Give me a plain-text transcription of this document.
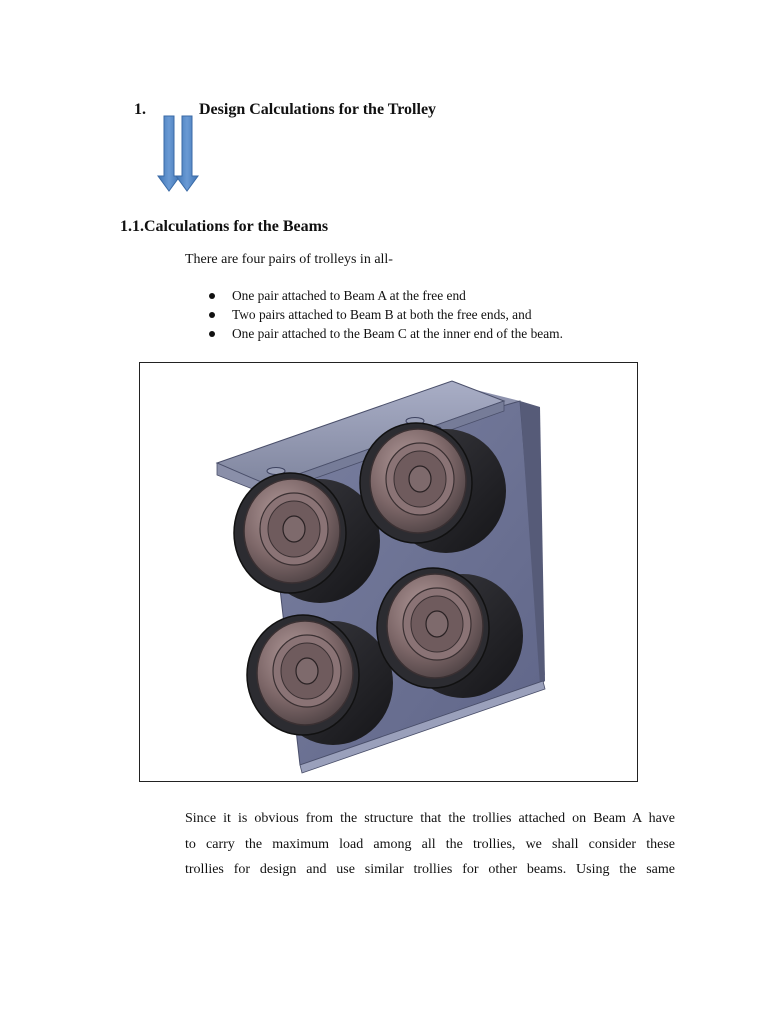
1.	Design Calculations for the Trolley
1.1.Calculations for the Beams
There are four pairs of trolleys in all-
One pair attached to Beam A at the free end
Two pairs attached to Beam B at both the free ends, and
One pair attached to the Beam C at the inner end of the beam.
Since it is obvious from the structure that the trollies attached on Beam A have
to carry the maximum load among all the trollies, we shall consider these
trollies for design and use similar trollies for other beams. Using the same
